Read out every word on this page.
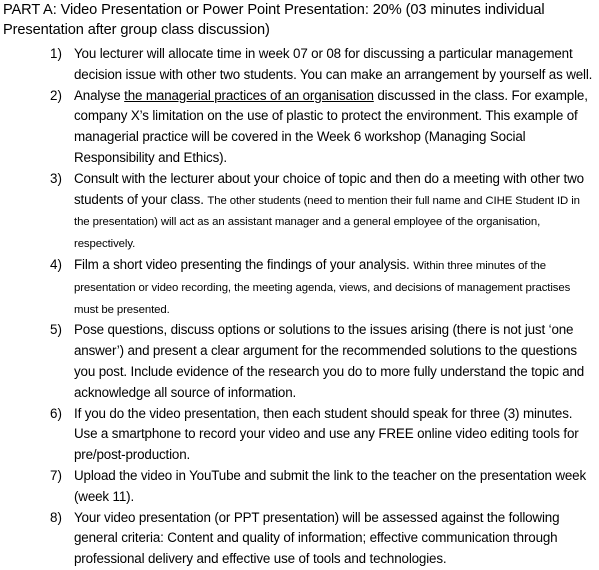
PART A: Video Presentation or Power Point Presentation: 20% (03 minutes individual
Presentation after group class discussion)
1) You lecturer will allocate time in week 07 or 08 for discussing a particular management decision issue with other two students. You can make an arrangement by yourself as well.
2) Analyse the managerial practices of an organisation discussed in the class. For example, company X’s limitation on the use of plastic to protect the environment. This example of managerial practice will be covered in the Week 6 workshop (Managing Social Responsibility and Ethics).
3) Consult with the lecturer about your choice of topic and then do a meeting with other two students of your class. The other students (need to mention their full name and CIHE Student ID in the presentation) will act as an assistant manager and a general employee of the organisation, respectively.
4) Film a short video presenting the findings of your analysis. Within three minutes of the presentation or video recording, the meeting agenda, views, and decisions of management practises must be presented.
5) Pose questions, discuss options or solutions to the issues arising (there is not just ‘one answer’) and present a clear argument for the recommended solutions to the questions you post. Include evidence of the research you do to more fully understand the topic and acknowledge all source of information.
6) If you do the video presentation, then each student should speak for three (3) minutes. Use a smartphone to record your video and use any FREE online video editing tools for pre/post-production.
7) Upload the video in YouTube and submit the link to the teacher on the presentation week (week 11).
8) Your video presentation (or PPT presentation) will be assessed against the following general criteria: Content and quality of information; effective communication through professional delivery and effective use of tools and technologies.
